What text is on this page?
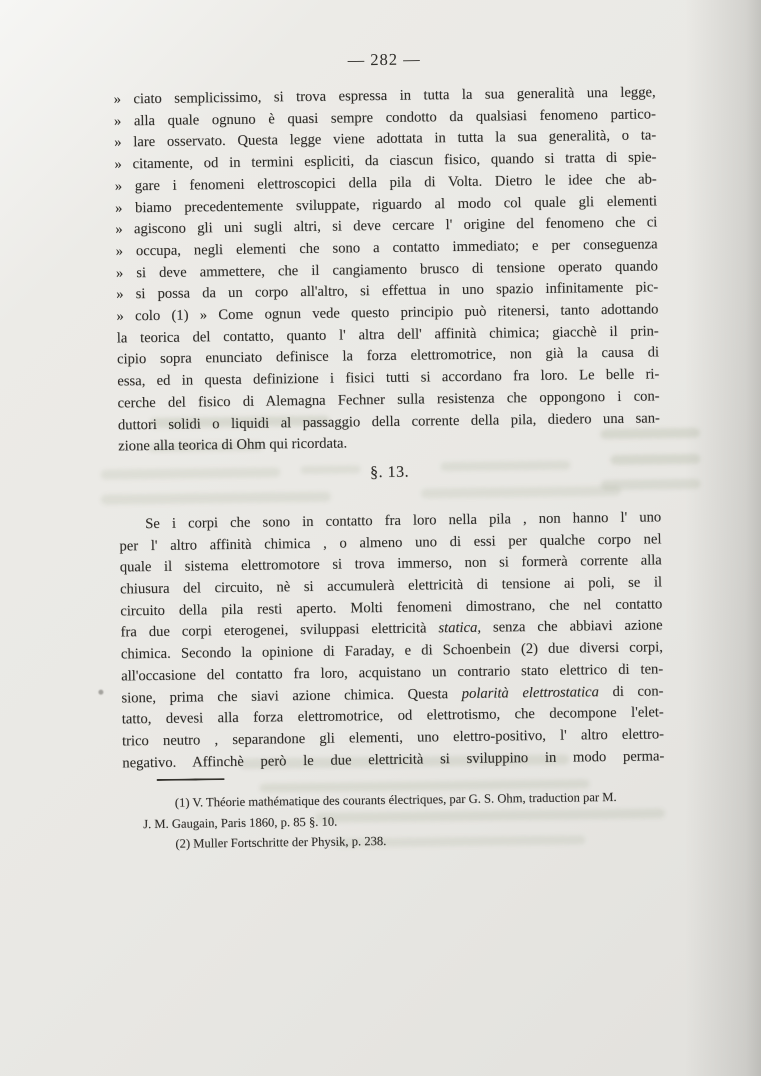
— 282 —
» ciato semplicissimo, si trova espressa in tutta la sua generalità una legge,
» alla quale ognuno è quasi sempre condotto da qualsiasi fenomeno partico-
» lare osservato. Questa legge viene adottata in tutta la sua generalità, o ta-
» citamente, od in termini espliciti, da ciascun fisico, quando si tratta di spie-
» gare i fenomeni elettroscopici della pila di Volta. Dietro le idee che ab-
» biamo precedentemente sviluppate, riguardo al modo col quale gli elementi
» agiscono gli uni sugli altri, si deve cercare l' origine del fenomeno che ci
» occupa, negli elementi che sono a contatto immediato; e per conseguenza
» si deve ammettere, che il cangiamento brusco di tensione operato quando
» si possa da un corpo all'altro, si effettua in uno spazio infinitamente pic-
» colo (1) » Come ognun vede questo principio può ritenersi, tanto adottando
la teorica del contatto, quanto l' altra dell' affinità chimica; giacchè il prin-
cipio sopra enunciato definisce la forza elettromotrice, non già la causa di
essa, ed in questa definizione i fisici tutti si accordano fra loro. Le belle ri-
cerche del fisico di Alemagna Fechner sulla resistenza che oppongono i con-
duttori solidi o liquidi al passaggio della corrente della pila, diedero una san-
zione alla teorica di Ohm qui ricordata.
§. 13.
Se i corpi che sono in contatto fra loro nella pila , non hanno l' uno
per l' altro affinità chimica , o almeno uno di essi per qualche corpo nel
quale il sistema elettromotore si trova immerso, non si formerà corrente alla
chiusura del circuito, nè si accumulerà elettricità di tensione ai poli, se il
circuito della pila resti aperto. Molti fenomeni dimostrano, che nel contatto
fra due corpi eterogenei, sviluppasi elettricità statica, senza che abbiavi azione
chimica. Secondo la opinione di Faraday, e di Schoenbein (2) due diversi corpi,
all'occasione del contatto fra loro, acquistano un contrario stato elettrico di ten-
sione, prima che siavi azione chimica. Questa polarità elettrostatica di con-
tatto, devesi alla forza elettromotrice, od elettrotismo, che decompone l'elet-
trico neutro , separandone gli elementi, uno elettro-positivo, l' altro elettro-
negativo. Affinchè però le due elettricità si sviluppino in modo perma-
(1) V. Théorie mathématique des courants électriques, par G. S. Ohm, traduction par M.
J. M. Gaugain, Paris 1860, p. 85 §. 10.
(2) Muller Fortschritte der Physik, p. 238.
